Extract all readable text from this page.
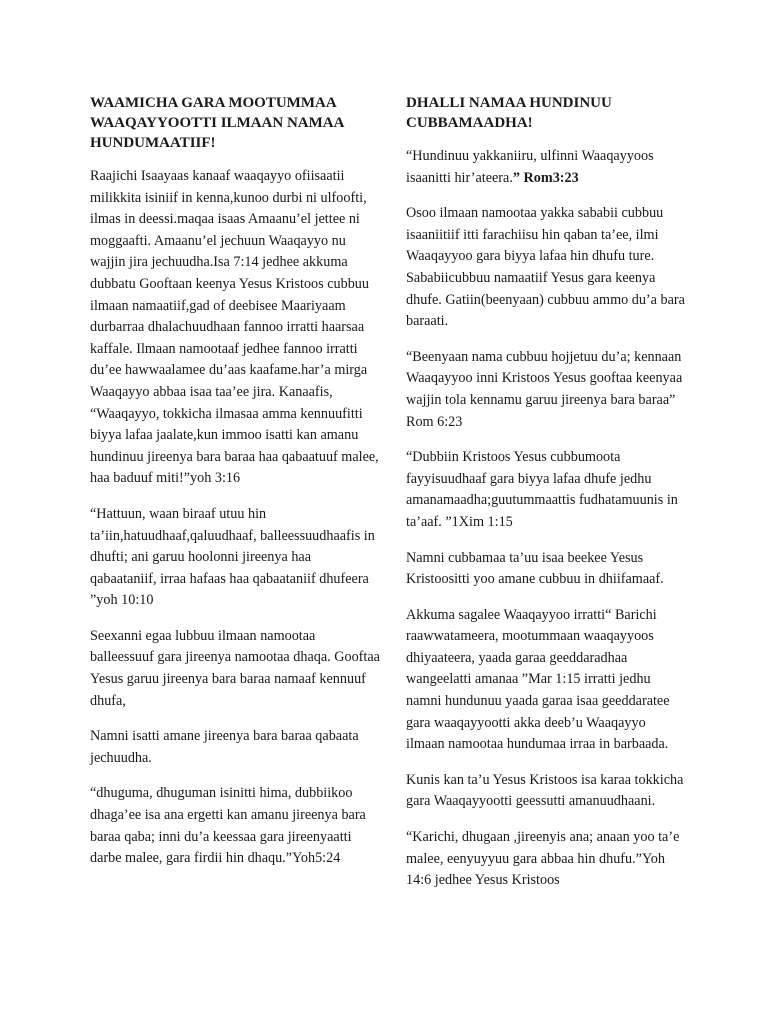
WAAMICHA GARA MOOTUMMAA WAAQAYYOOTTI ILMAAN NAMAA HUNDUMAATIIF!

Raajichi Isaayaas kanaaf waaqayyo ofiisaatii milikkita isiniif in kenna,kunoo durbi ni ulfoofti, ilmas in deessi.maqaa isaas Amaanu’el jettee ni moggaafti. Amaanu’el jechuun Waaqayyo nu wajjin jira jechuudha.Isa 7:14 jedhee akkuma dubbatu Gooftaan keenya Yesus Kristoos cubbuu ilmaan namaatiif,gad of deebisee Maariyaam durbarraa dhalachuudhaan fannoo irratti haarsaa kaffale. Ilmaan namootaaf jedhee fannoo irratti du’ee hawwaalamee du’aas kaafame.har’a mirga Waaqayyo abbaa isaa taa’ee jira. Kanaafis, “Waaqayyo, tokkicha ilmasaa amma kennuufitti biyya lafaa jaalate,kun immoo isatti kan amanu hundinuu jireenya bara baraa haa qabaatuuf malee, haa baduuf miti!”yoh 3:16

“Hattuun, waan biraaf utuu hin ta’iin,hatuudhaaf,qaluudhaaf, balleessuudhaafis in dhufti; ani garuu hoolonni jireenya haa qabaataniif, irraa hafaas haa qabaataniif dhufeera ”yoh 10:10

Seexanni egaa lubbuu ilmaan namootaa balleessuuf gara jireenya namootaa dhaqa. Gooftaa Yesus garuu jireenya bara baraa namaaf kennuuf dhufa,

Namni isatti amane jireenya bara baraa qabaata jechuudha.

“dhuguma, dhuguman isinitti hima, dubbiikoo dhaga’ee isa ana ergetti kan amanu jireenya bara baraa qaba; inni du’a keessaa gara jireenyaatti darbe malee, gara firdii hin dhaqu.”Yoh5:24

DHALLI NAMAA HUNDINUU CUBBAMAADHA!

“Hundinuu yakkaniiru, ulfinni Waaqayyoos isaanitti hir’ateera.” Rom3:23

Osoo ilmaan namootaa yakka sababii cubbuu isaaniitiif itti farachiisu hin qaban ta’ee, ilmi Waaqayyoo gara biyya lafaa hin dhufu ture. Sababiicubbuu namaatiif Yesus gara keenya dhufe. Gatiin(beenyaan) cubbuu ammo du’a bara baraati.

“Beenyaan nama cubbuu hojjetuu du’a; kennaan Waaqayyoo inni Kristoos Yesus gooftaa keenyaa wajjin tola kennamu garuu jireenya bara baraa” Rom 6:23

“Dubbiin Kristoos Yesus cubbumoota fayyisuudhaaf gara biyya lafaa dhufe jedhu amanamaadha;guutummaattis fudhatamuunis in ta’aaf. ”1Xim 1:15

Namni cubbamaa ta’uu isaa beekee Yesus Kristoositti yoo amane cubbuu in dhiifamaaf.

Akkuma sagalee Waaqayyoo irratti“ Barichi raawwatameera, mootummaan waaqayyoos dhiyaateera, yaada garaa geeddaradhaa wangeelatti amanaa ”Mar 1:15 irratti jedhu namni hundunuu yaada garaa isaa geeddaratee gara waaqayyootti akka deeb’u Waaqayyo ilmaan namootaa hundumaa irraa in barbaada.

Kunis kan ta’u Yesus Kristoos isa karaa tokkicha gara Waaqayyootti geessutti amanuudhaani.

“Karichi, dhugaan ,jireenyis ana; anaan yoo ta’e malee, eenyuyyuu gara abbaa hin dhufu.”Yoh 14:6 jedhee Yesus Kristoos
